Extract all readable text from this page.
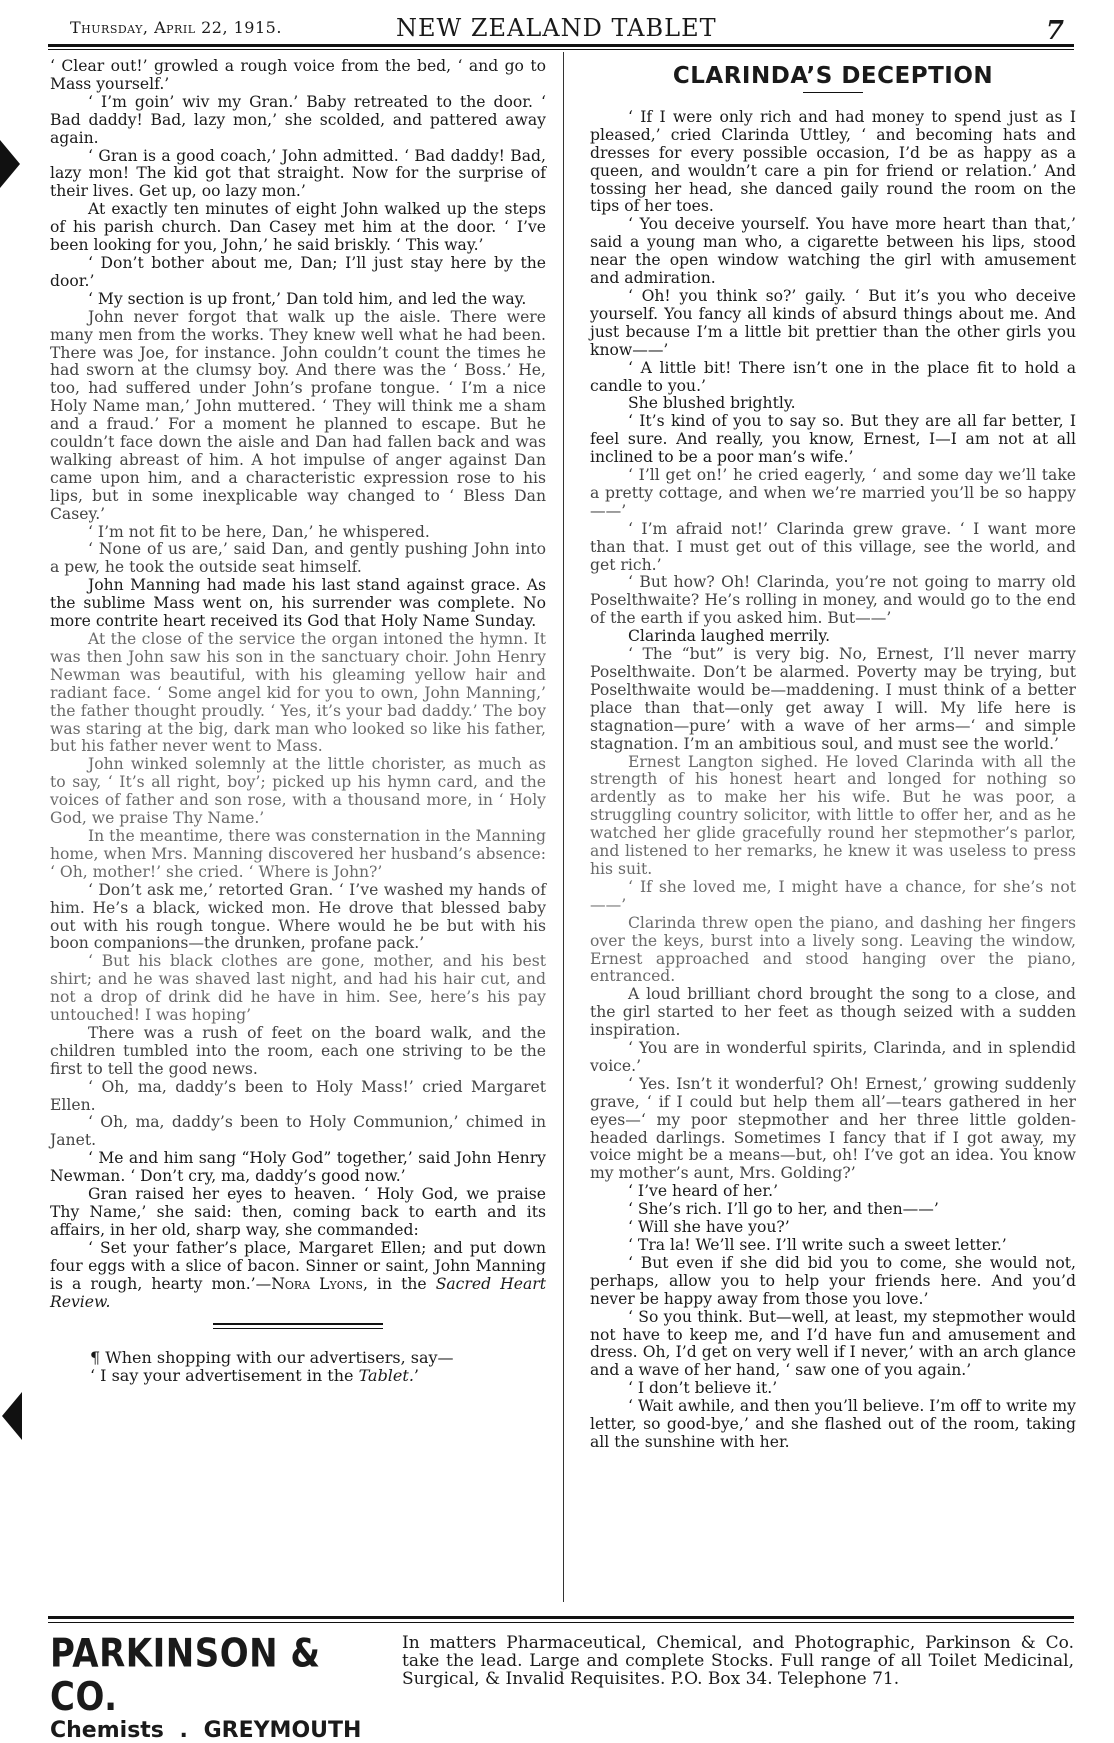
Thursday, April 22, 1915.	NEW ZEALAND TABLET	7

‘ Clear out!’ growled a rough voice from the bed, ‘ and go to Mass yourself.’

‘ I’m goin’ wiv my Gran.’ Baby retreated to the door. ‘ Bad daddy! Bad, lazy mon,’ she scolded, and pattered away again.

‘ Gran is a good coach,’ John admitted. ‘ Bad daddy! Bad, lazy mon! The kid got that straight. Now for the surprise of their lives. Get up, oo lazy mon.’

At exactly ten minutes of eight John walked up the steps of his parish church. Dan Casey met him at the door. ‘ I’ve been looking for you, John,’ he said briskly. ‘ This way.’

‘ Don’t bother about me, Dan; I’ll just stay here by the door.’

‘ My section is up front,’ Dan told him, and led the way.

John never forgot that walk up the aisle. There were many men from the works. They knew well what he had been. There was Joe, for instance. John couldn’t count the times he had sworn at the clumsy boy. And there was the ‘ Boss.’ He, too, had suffered under John’s profane tongue. ‘ I’m a nice Holy Name man,’ John muttered. ‘ They will think me a sham and a fraud.’ For a moment he planned to escape. But he couldn’t face down the aisle and Dan had fallen back and was walking abreast of him. A hot impulse of anger against Dan came upon him, and a characteristic expression rose to his lips, but in some inexplicable way changed to ‘ Bless Dan Casey.’

‘ I’m not fit to be here, Dan,’ he whispered.

‘ None of us are,’ said Dan, and gently pushing John into a pew, he took the outside seat himself.

John Manning had made his last stand against grace. As the sublime Mass went on, his surrender was complete. No more contrite heart received its God that Holy Name Sunday.

At the close of the service the organ intoned the hymn. It was then John saw his son in the sanctuary choir. John Henry Newman was beautiful, with his gleaming yellow hair and radiant face. ‘ Some angel kid for you to own, John Manning,’ the father thought proudly. ‘ Yes, it’s your bad daddy.’ The boy was staring at the big, dark man who looked so like his father, but his father never went to Mass.

John winked solemnly at the little chorister, as much as to say, ‘ It’s all right, boy’; picked up his hymn card, and the voices of father and son rose, with a thousand more, in ‘ Holy God, we praise Thy Name.’

In the meantime, there was consternation in the Manning home, when Mrs. Manning discovered her husband’s absence: ‘ Oh, mother!’ she cried. ‘ Where is John?’

‘ Don’t ask me,’ retorted Gran. ‘ I’ve washed my hands of him. He’s a black, wicked mon. He drove that blessed baby out with his rough tongue. Where would he be but with his boon companions—the drunken, profane pack.’

‘ But his black clothes are gone, mother, and his best shirt; and he was shaved last night, and had his hair cut, and not a drop of drink did he have in him. See, here’s his pay untouched! I was hoping’

There was a rush of feet on the board walk, and the children tumbled into the room, each one striving to be the first to tell the good news.

‘ Oh, ma, daddy’s been to Holy Mass!’ cried Margaret Ellen.

‘ Oh, ma, daddy’s been to Holy Communion,’ chimed in Janet.

‘ Me and him sang “Holy God” together,’ said John Henry Newman. ‘ Don’t cry, ma, daddy’s good now.’

Gran raised her eyes to heaven. ‘ Holy God, we praise Thy Name,’ she said: then, coming back to earth and its affairs, in her old, sharp way, she commanded:

‘ Set your father’s place, Margaret Ellen; and put down four eggs with a slice of bacon. Sinner or saint, John Manning is a rough, hearty mon.’—Nora Lyons, in the Sacred Heart Review.

¶ When shopping with our advertisers, say—
‘ I say your advertisement in the Tablet.’
CLARINDA’S DECEPTION

‘ If I were only rich and had money to spend just as I pleased,’ cried Clarinda Uttley, ‘ and becoming hats and dresses for every possible occasion, I’d be as happy as a queen, and wouldn’t care a pin for friend or relation.’ And tossing her head, she danced gaily round the room on the tips of her toes.

‘ You deceive yourself. You have more heart than that,’ said a young man who, a cigarette between his lips, stood near the open window watching the girl with amusement and admiration.

‘ Oh! you think so?’ gaily. ‘ But it’s you who deceive yourself. You fancy all kinds of absurd things about me. And just because I’m a little bit prettier than the other girls you know——’

‘ A little bit! There isn’t one in the place fit to hold a candle to you.’

She blushed brightly.

‘ It’s kind of you to say so. But they are all far better, I feel sure. And really, you know, Ernest, I—I am not at all inclined to be a poor man’s wife.’

‘ I’ll get on!’ he cried eagerly, ‘ and some day we’ll take a pretty cottage, and when we’re married you’ll be so happy——’

‘ I’m afraid not!’ Clarinda grew grave. ‘ I want more than that. I must get out of this village, see the world, and get rich.’

‘ But how? Oh! Clarinda, you’re not going to marry old Poselthwaite? He’s rolling in money, and would go to the end of the earth if you asked him. But——’

Clarinda laughed merrily.

‘ The “but” is very big. No, Ernest, I’ll never marry Poselthwaite. Don’t be alarmed. Poverty may be trying, but Poselthwaite would be—maddening. I must think of a better place than that—only get away I will. My life here is stagnation—pure’ with a wave of her arms—‘ and simple stagnation. I’m an ambitious soul, and must see the world.’

Ernest Langton sighed. He loved Clarinda with all the strength of his honest heart and longed for nothing so ardently as to make her his wife. But he was poor, a struggling country solicitor, with little to offer her, and as he watched her glide gracefully round her stepmother’s parlor, and listened to her remarks, he knew it was useless to press his suit.

‘ If she loved me, I might have a chance, for she’s not——’

Clarinda threw open the piano, and dashing her fingers over the keys, burst into a lively song. Leaving the window, Ernest approached and stood hanging over the piano, entranced.

A loud brilliant chord brought the song to a close, and the girl started to her feet as though seized with a sudden inspiration.

‘ You are in wonderful spirits, Clarinda, and in splendid voice.’

‘ Yes. Isn’t it wonderful? Oh! Ernest,’ growing suddenly grave, ‘ if I could but help them all’—tears gathered in her eyes—‘ my poor stepmother and her three little golden-headed darlings. Sometimes I fancy that if I got away, my voice might be a means—but, oh! I’ve got an idea. You know my mother’s aunt, Mrs. Golding?’

‘ I’ve heard of her.’

‘ She’s rich. I’ll go to her, and then——’

‘ Will she have you?’

‘ Tra la! We’ll see. I’ll write such a sweet letter.’

‘ But even if she did bid you to come, she would not, perhaps, allow you to help your friends here. And you’d never be happy away from those you love.’

‘ So you think. But—well, at least, my stepmother would not have to keep me, and I’d have fun and amusement and dress. Oh, I’d get on very well if I never,’ with an arch glance and a wave of her hand, ‘ saw one of you again.’

‘ I don’t believe it.’

‘ Wait awhile, and then you’ll believe. I’m off to write my letter, so good-bye,’ and she flashed out of the room, taking all the sunshine with her.

PARKINSON & CO.
Chemists . GREYMOUTH
In matters Pharmaceutical, Chemical, and Photographic, Parkinson & Co. take the lead. Large and complete Stocks. Full range of all Toilet Medicinal, Surgical, & Invalid Requisites. P.O. Box 34. Telephone 71.
